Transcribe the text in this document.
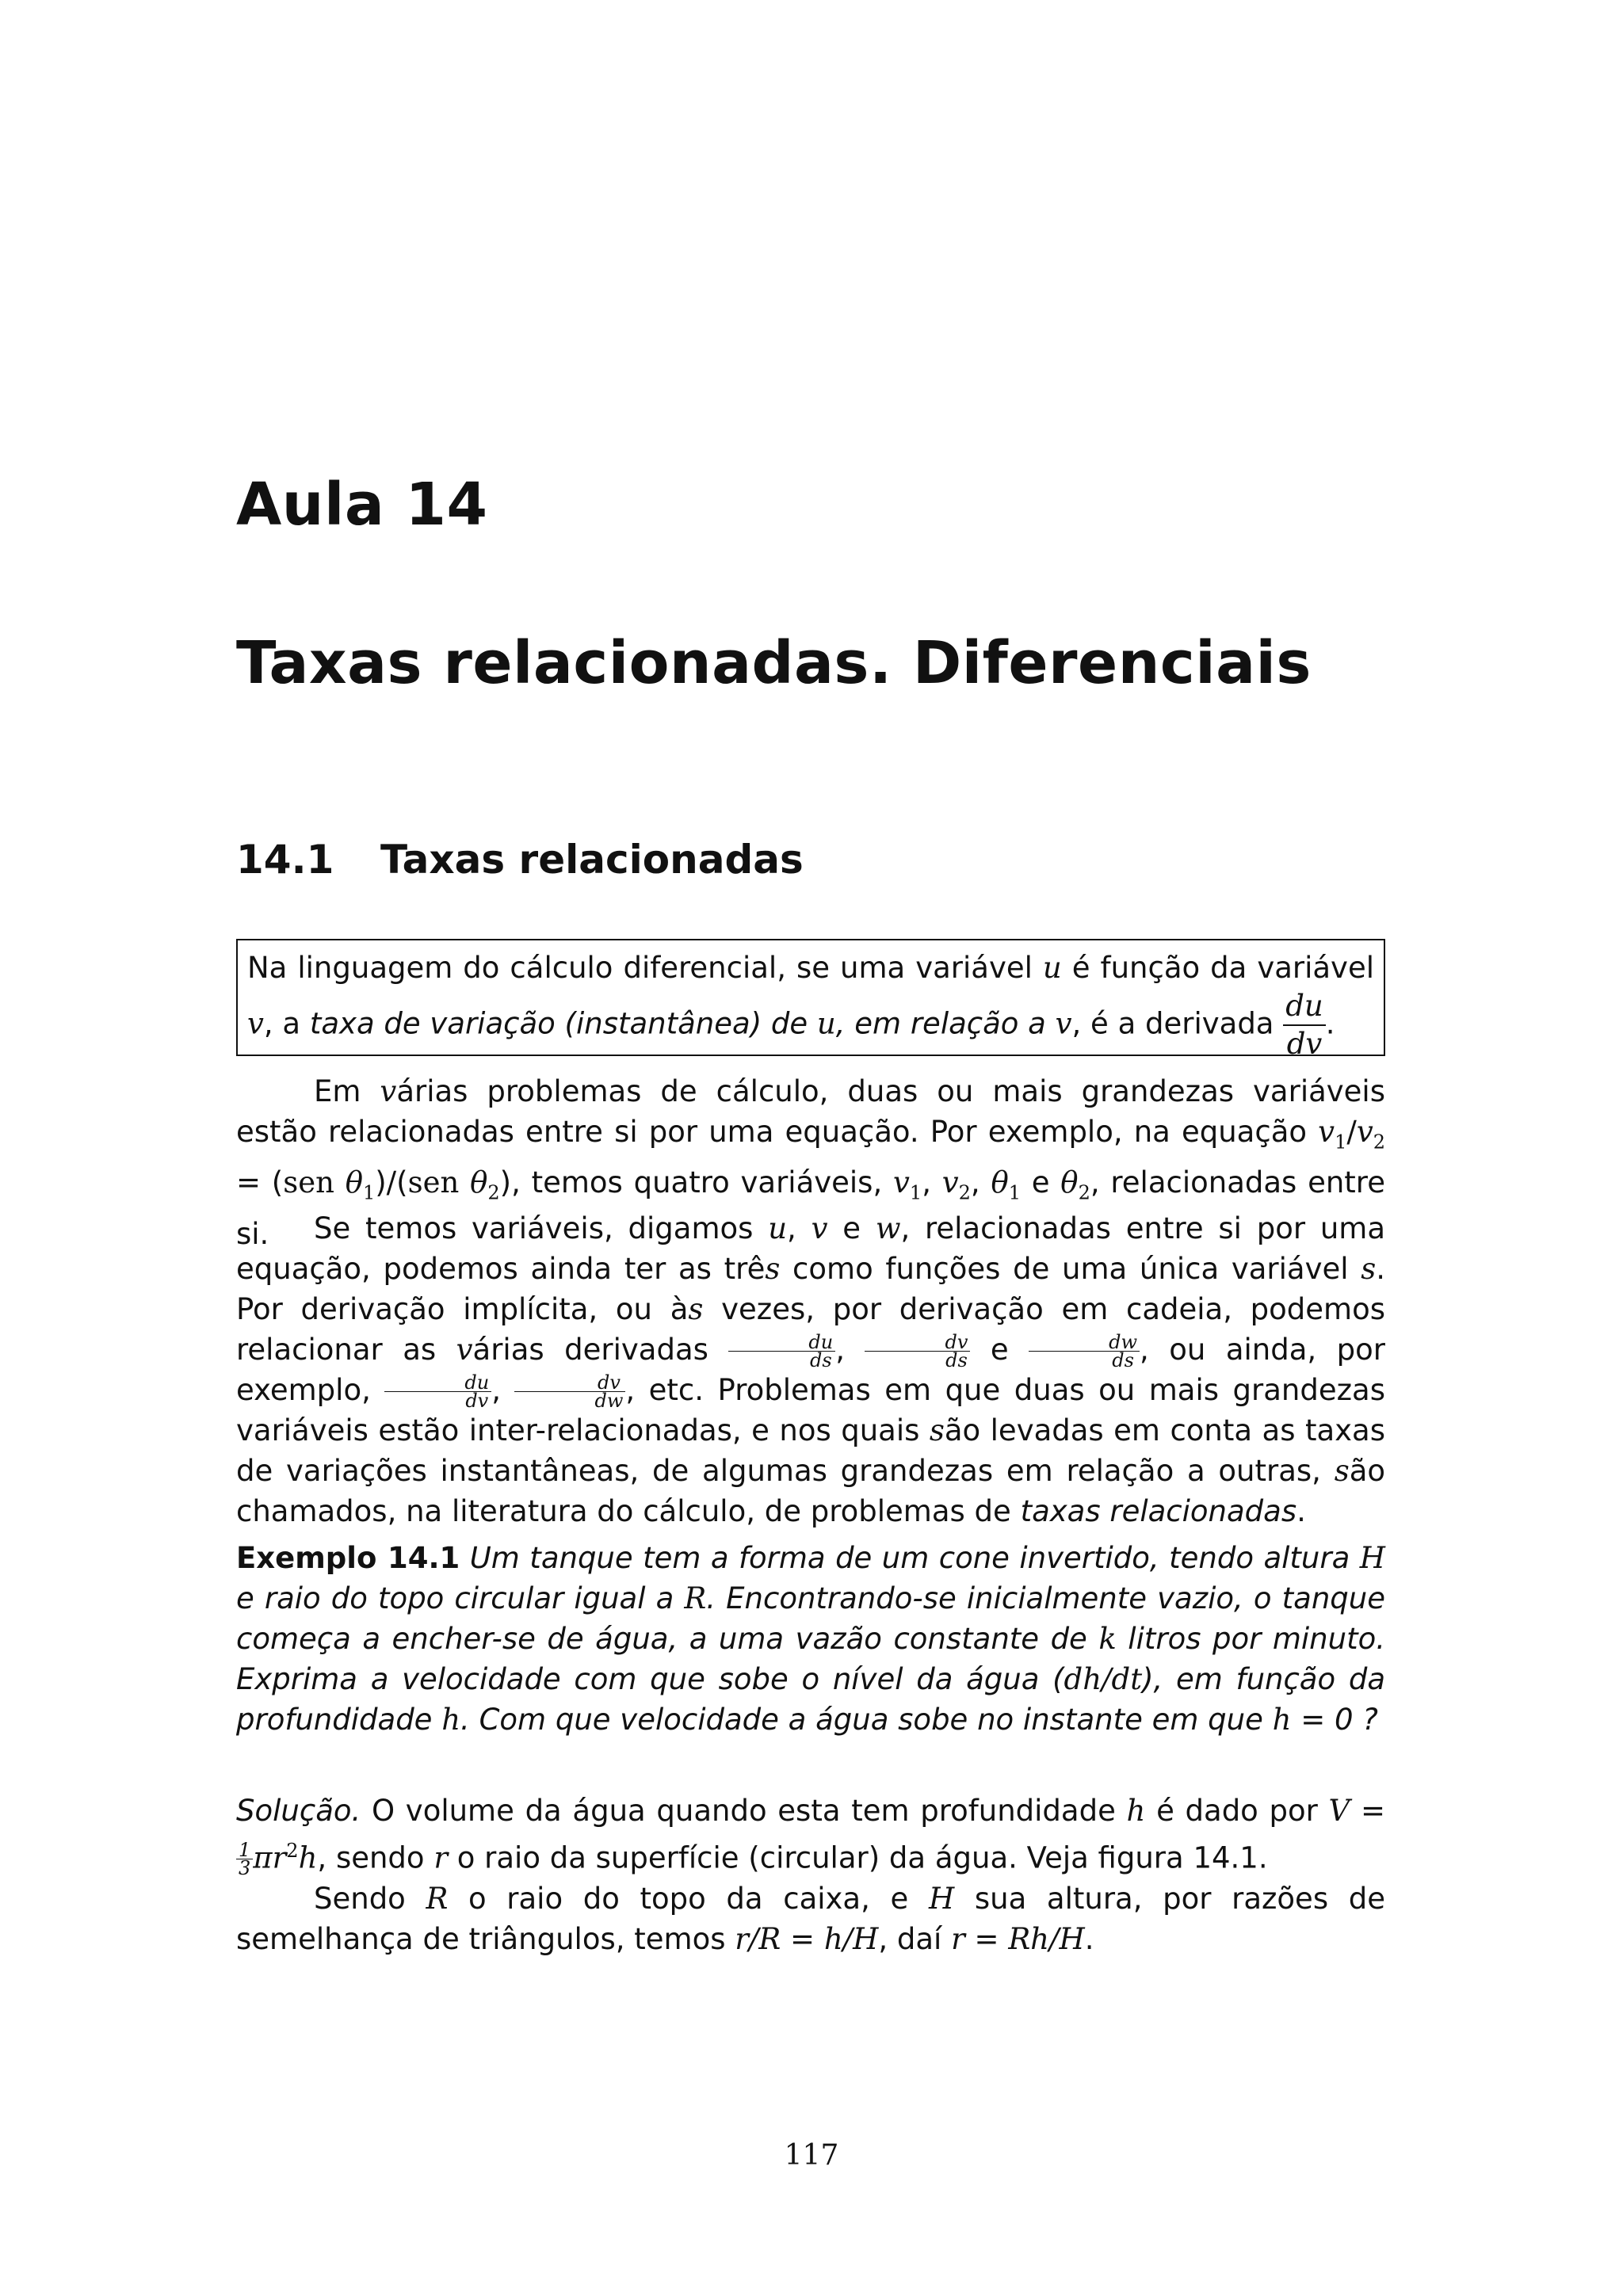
Aula 14
Taxas relacionadas. Diferenciais
14.1 Taxas relacionadas
Na linguagem do cálculo diferencial, se uma variável u é função da variável v, a taxa de variação (instantânea) de u, em relação a v, é a derivada $\frac{du}{dv}$ .
Em várias problemas de cálculo, duas ou mais grandezas variáveis estão relacionadas entre si por uma equação. Por exemplo, na equação $v_1/v_2 = (sen$ $\theta_1)/(sen$ $\theta_2$), temos quatro variáveis, $v_1$, $v_2$, $\theta_1$ e $\theta_2$, relacionadas entre si.	Se temos variáveis, digamos u, v e w, relacionadas entre si por uma equação, podemos ainda ter as três como funções de uma única variável s. Por derivação implícita, ou às vezes, por derivação em cadeia, podemos relacionar as várias derivadas $\frac{du}{ds}$ , $\frac{dv}{ds}$ e $\frac{dw}{ds}$ , ou ainda, por exemplo, $\frac{du}{dv}$ , $\frac{dv}{dw}$ , etc. Problemas em que duas ou mais grandezas variáveis estão inter-relacionadas, e nos quais são levadas em conta as taxas de variações instantâneas, de algumas grandezas em relação a outras, são chamados, na literatura do cálculo, de problemas de taxas relacionadas.
Exemplo 14.1 Um tanque tem a forma de um cone invertido, tendo altura H e raio do topo circular igual a R. Encontrando-se inicialmente vazio, o tanque começa a encher-se de água, a uma vazão constante de k litros por minuto. Exprima a velocidade com que sobe o nível da água (dh/dt), em função da profundidade h. Com que velocidade a água sobe no instante em que h = 0 ?
Solução. O volume da água quando esta tem profundidade h é dado por V =
$\frac{1}{3} \pi r^2h$, sendo r o raio da superfície (circular) da água. Veja figura 14.1.
Sendo R o raio do topo da caixa, e H sua altura, por razões de semelhança de triângulos, temos r/R = h/H, daí r = Rh/H.
117
